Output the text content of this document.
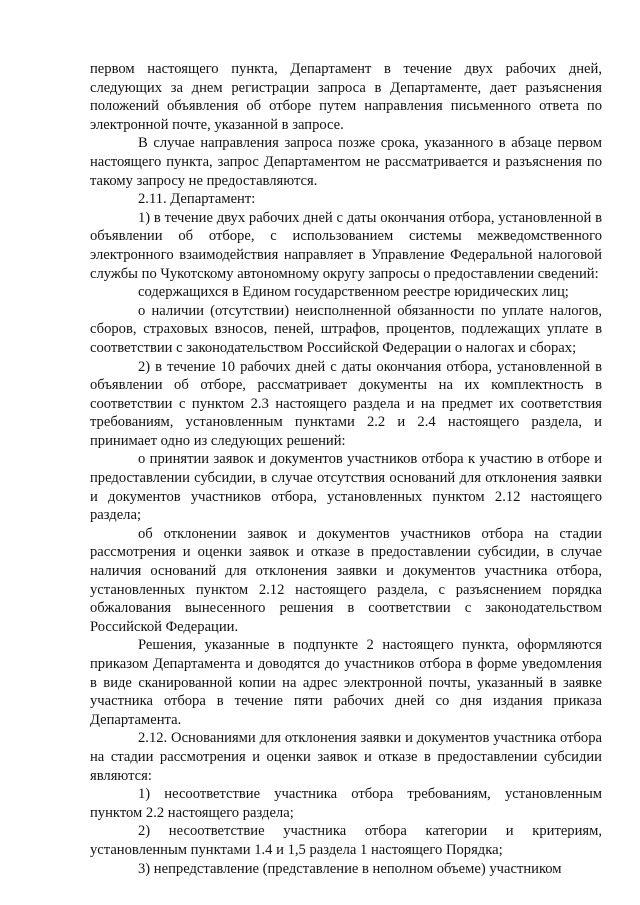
первом настоящего пункта, Департамент в течение двух рабочих дней, следующих за днем регистрации запроса в Департаменте, дает разъяснения положений объявления об отборе путем направления письменного ответа по электронной почте, указанной в запросе.

В случае направления запроса позже срока, указанного в абзаце первом настоящего пункта, запрос Департаментом не рассматривается и разъяснения по такому запросу не предоставляются.

2.11. Департамент:

1) в течение двух рабочих дней с даты окончания отбора, установленной в объявлении об отборе, с использованием системы межведомственного электронного взаимодействия направляет в Управление Федеральной налоговой службы по Чукотскому автономному округу запросы о предоставлении сведений:

содержащихся в Едином государственном реестре юридических лиц;

о наличии (отсутствии) неисполненной обязанности по уплате налогов, сборов, страховых взносов, пеней, штрафов, процентов, подлежащих уплате в соответствии с законодательством Российской Федерации о налогах и сборах;

2) в течение 10 рабочих дней с даты окончания отбора, установленной в объявлении об отборе, рассматривает документы на их комплектность в соответствии с пунктом 2.3 настоящего раздела и на предмет их соответствия требованиям, установленным пунктами 2.2 и 2.4 настоящего раздела, и принимает одно из следующих решений:

о принятии заявок и документов участников отбора к участию в отборе и предоставлении субсидии, в случае отсутствия оснований для отклонения заявки и документов участников отбора, установленных пунктом 2.12 настоящего раздела;

об отклонении заявок и документов участников отбора на стадии рассмотрения и оценки заявок и отказе в предоставлении субсидии, в случае наличия оснований для отклонения заявки и документов участника отбора, установленных пунктом 2.12 настоящего раздела, с разъяснением порядка обжалования вынесенного решения в соответствии с законодательством Российской Федерации.

Решения, указанные в подпункте 2 настоящего пункта, оформляются приказом Департамента и доводятся до участников отбора в форме уведомления в виде сканированной копии на адрес электронной почты, указанный в заявке участника отбора в течение пяти рабочих дней со дня издания приказа Департамента.

2.12. Основаниями для отклонения заявки и документов участника отбора на стадии рассмотрения и оценки заявок и отказе в предоставлении субсидии являются:

1) несоответствие участника отбора требованиям, установленным пунктом 2.2 настоящего раздела;

2) несоответствие участника отбора категории и критериям, установленным пунктами 1.4 и 1,5 раздела 1 настоящего Порядка;

3) непредставление (представление в неполном объеме) участником
